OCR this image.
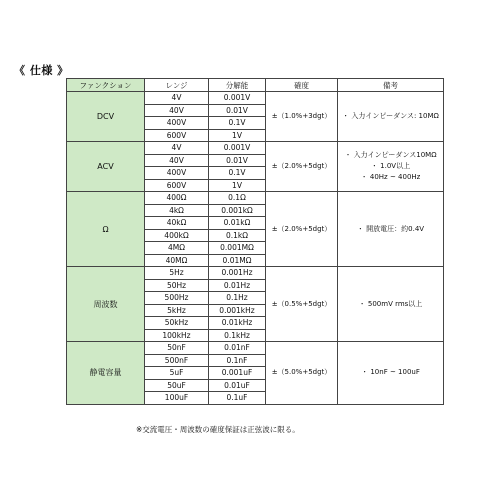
《 仕様 》
ファンクション	レンジ	分解能	確度	備考
DCV	4V	0.001V	±（1.0%+3dgt）	・ 入力インピーダンス: 10MΩ

	40V	0.01V		
	400V	0.1V		
	600V	1V		
ACV	4V	0.001V	±（2.0%+5dgt）	・ 入力インピーダンス10MΩ
・ 1.0V以上
・ 40Hz ~ 400Hz

	40V	0.01V		
	400V	0.1V		
	600V	1V		
Ω	400Ω	0.1Ω	±（2.0%+5dgt）	・ 開放電圧：約0.4V

	4kΩ	0.001kΩ		
	40kΩ	0.01kΩ		
	400kΩ	0.1kΩ		
	4MΩ	0.001MΩ		
	40MΩ	0.01MΩ		
周波数	5Hz	0.001Hz	±（0.5%+5dgt）	・ 500mV rms以上

	50Hz	0.01Hz		
	500Hz	0.1Hz		
	5kHz	0.001kHz		
	50kHz	0.01kHz		
	100kHz	0.1kHz		
静電容量	50nF	0.01nF	±（5.0%+5dgt）	・ 10nF ~ 100uF

	500nF	0.1nF		
	5uF	0.001uF		
	50uF	0.01uF		
	100uF	0.1uF		
※交流電圧・周波数の確度保証は正弦波に限る。
